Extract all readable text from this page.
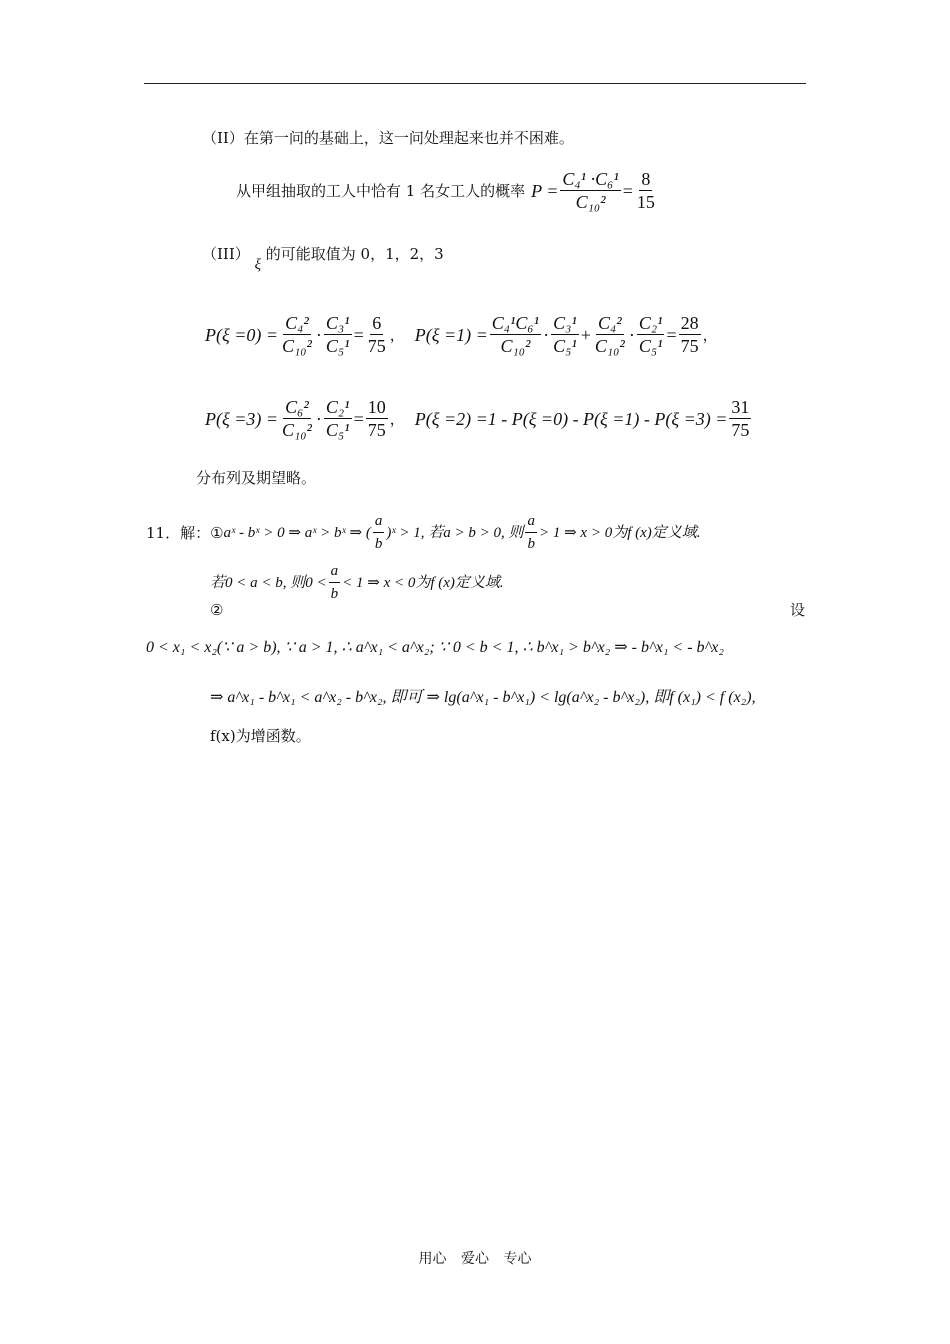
（II）在第一问的基础上，这一问处理起来也并不困难。
从甲组抽取的工人中恰有 1 名女工人的概率 $P = \frac{\text{C₄¹ ·C₆¹}}{\text{C₁₀²}} = \frac{8}{15}$
（III） ξ 的可能取值为 0，1，2，3
$P(\xi =0) = \frac{\text{C₄²}}{\text{C₁₀²}} \cdot \frac{\text{C₃¹}}{\text{C₅¹}} = \frac{6}{75}$ ， $P(\xi =1) = \frac{\text{C₄¹C₆¹}}{\text{C₁₀²}} \cdot \frac{\text{C₃¹}}{\text{C₅¹}} + \frac{\text{C₄²}}{\text{C₁₀²}} \cdot \frac{\text{C₂¹}}{\text{C₅¹}} = \frac{28}{75}$ ，
$P(\xi =3) = \frac{\text{C₆²}}{\text{C₁₀²}} \cdot \frac{\text{C₂¹}}{\text{C₅¹}} = \frac{10}{75}$ ， $P(\xi =2) =1 - P(\xi =0) - P(\xi =1) - P(\xi =3) = \frac{31}{75}$
分布列及期望略。
11．解： ① aˣ - bˣ > 0 ⇒ aˣ > bˣ ⇒ ( $\frac{a}{b}$ )ˣ > 1, 若a > b > 0, 则 $\frac{a}{b} > 1$ ⇒ x > 0为f (x)定义域.
若0 < a < b, 则$0 < \frac{a}{b} < 1$ ⇒ x < 0为f (x)定义域.
②	设
0 < x₁ < x₂(∵ a > b), ∵ a > 1, ∴ a^x₁ < a^x₂; ∵ 0 < b < 1, ∴ b^x₁ > b^x₂ ⇒ - b^x₁ < - b^x₂
⇒ a^x₁ - b^x₁ < a^x₂ - b^x₂, 即可 ⇒ lg(a^x₁ - b^x₁) < lg(a^x₂ - b^x₂), 即f (x₁) < f (x₂),
f(x)为增函数。
用心 爱心 专心
